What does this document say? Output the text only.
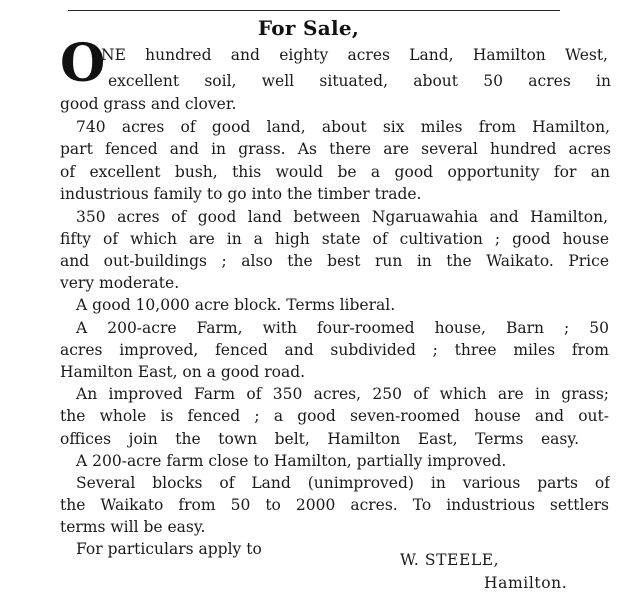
For Sale,
O
NE hundred and eighty acres Land, Hamilton West,
excellent soil, well situated, about 50 acres in
good grass and clover.
740 acres of good land, about six miles from Hamilton,
part fenced and in grass. As there are several hundred acres
of excellent bush, this would be a good opportunity for an
industrious family to go into the timber trade.
350 acres of good land between Ngaruawahia and Hamilton,
fifty of which are in a high state of cultivation ; good house
and out-buildings ; also the best run in the Waikato. Price
very moderate.
A good 10,000 acre block. Terms liberal.
A 200-acre Farm, with four-roomed house, Barn ; 50
acres improved, fenced and subdivided ; three miles from
Hamilton East, on a good road.
An improved Farm of 350 acres, 250 of which are in grass;
the whole is fenced ; a good seven-roomed house and out-
offices join the town belt, Hamilton East, Terms easy.
A 200-acre farm close to Hamilton, partially improved.
Several blocks of Land (unimproved) in various parts of
the Waikato from 50 to 2000 acres. To industrious settlers
terms will be easy.
For particulars apply to
W. STEELE,
Hamilton.
